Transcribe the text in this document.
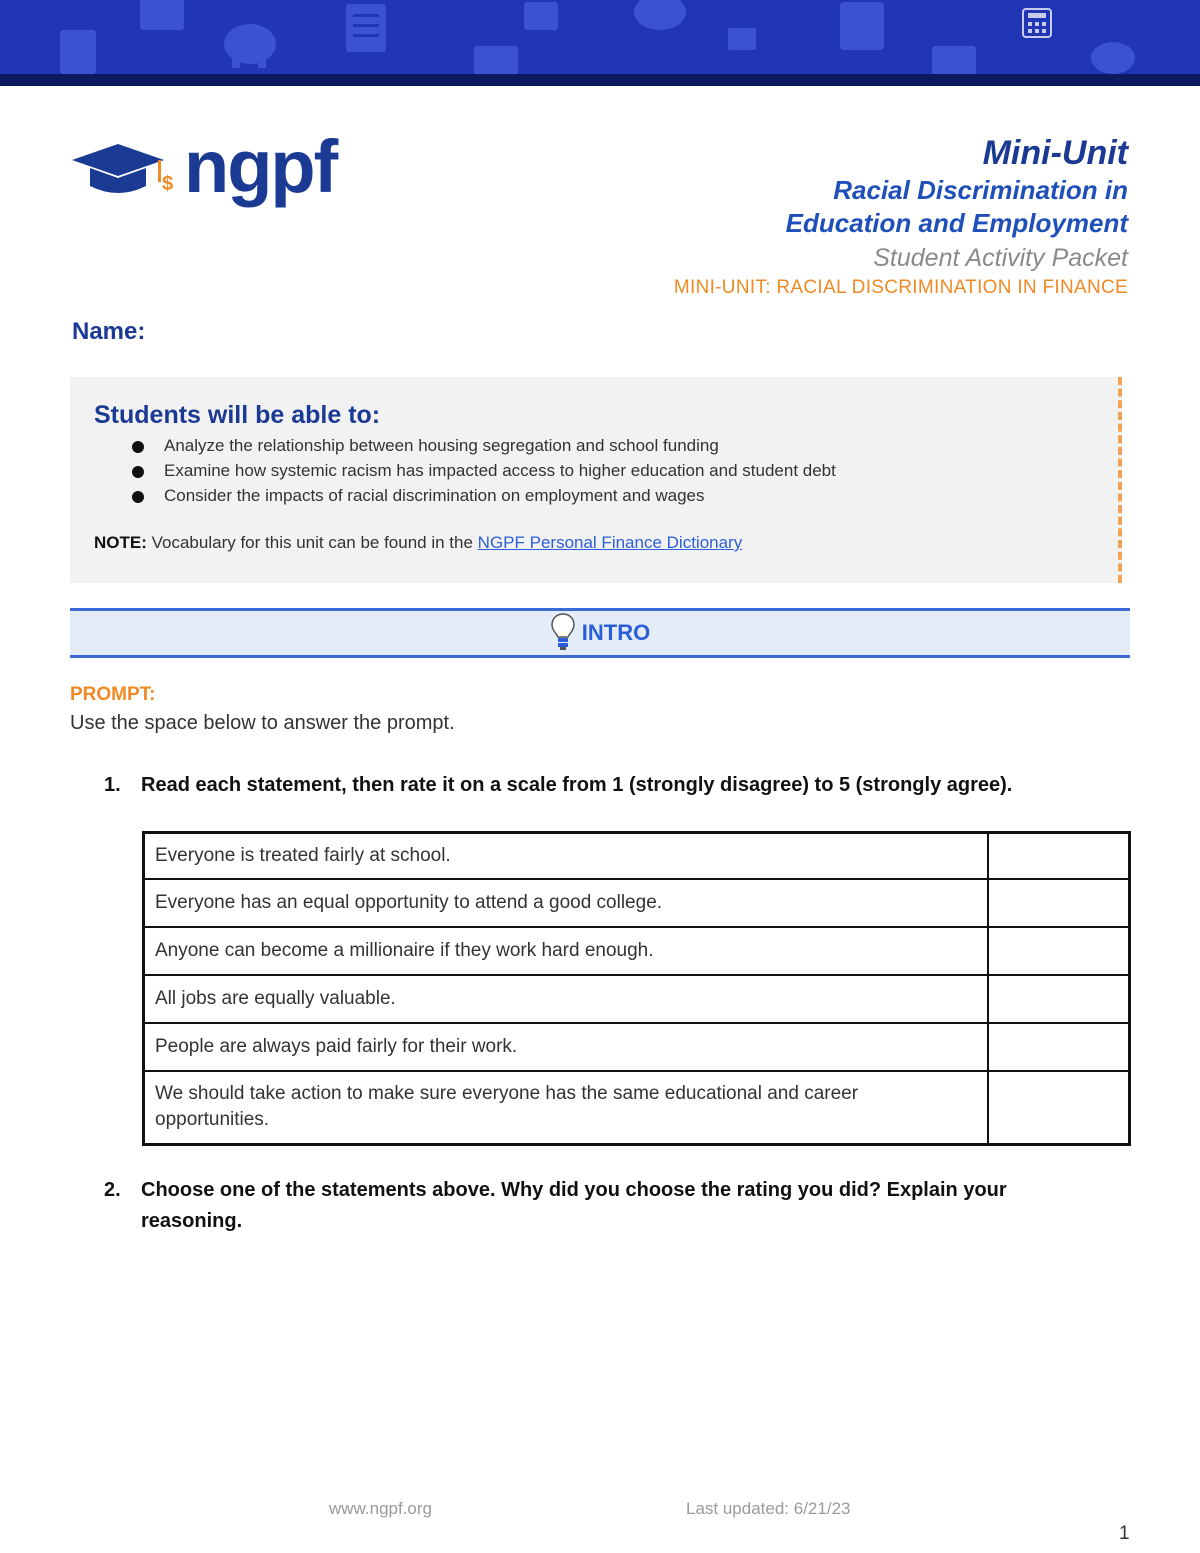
$ ngpf	Mini-Unit
Racial Discrimination in
Education and Employment
Student Activity Packet
MINI-UNIT: RACIAL DISCRIMINATION IN FINANCE
Name:
Students will be able to:
Analyze the relationship between housing segregation and school funding
Examine how systemic racism has impacted access to higher education and student debt
Consider the impacts of racial discrimination on employment and wages
NOTE: Vocabulary for this unit can be found in the NGPF Personal Finance Dictionary
INTRO
PROMPT:
Use the space below to answer the prompt.
1. Read each statement, then rate it on a scale from 1 (strongly disagree) to 5 (strongly agree).
Everyone is treated fairly at school.	
Everyone has an equal opportunity to attend a good college.	
Anyone can become a millionaire if they work hard enough.	
All jobs are equally valuable.	
People are always paid fairly for their work.	
We should take action to make sure everyone has the same educational and career opportunities.	
2. Choose one of the statements above. Why did you choose the rating you did? Explain your reasoning.
www.ngpf.org	Last updated: 6/21/23
1
